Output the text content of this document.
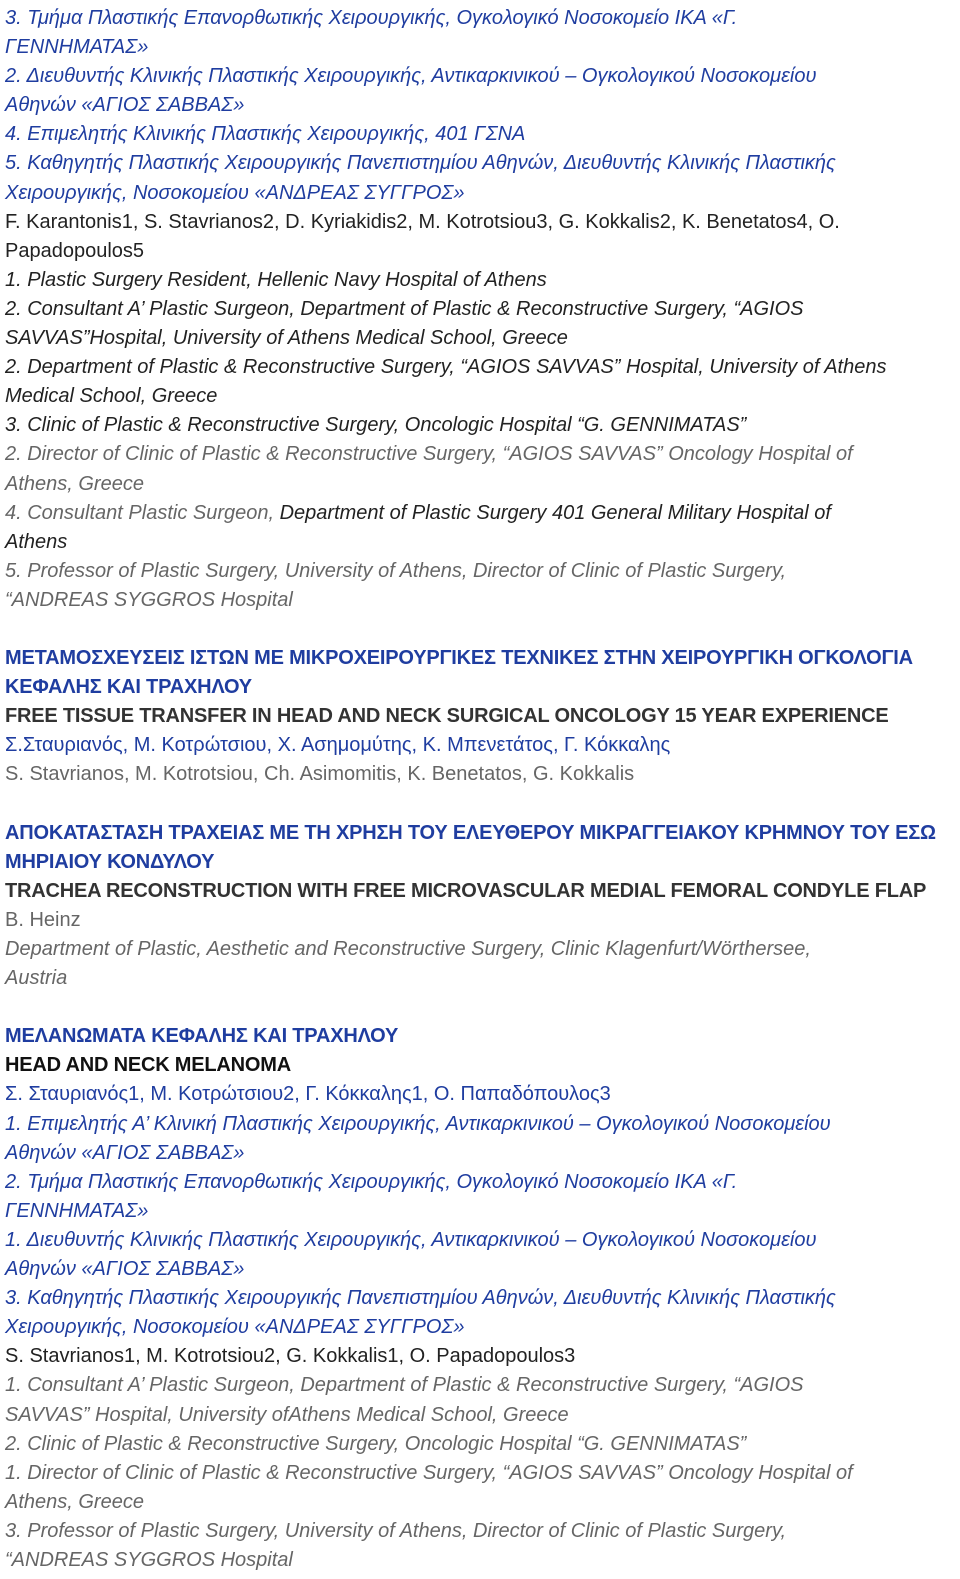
3. Τμήμα Πλαστικής Επανορθωτικής Χειρουργικής, Ογκολογικό Νοσοκομείο ΙΚΑ «Γ.
ΓΕΝΝΗΜΑΤΑΣ»
2. Διευθυντής Κλινικής Πλαστικής Χειρουργικής, Αντικαρκινικού – Ογκολογικού Νοσοκομείου
Αθηνών «ΑΓΙΟΣ ΣΑΒΒΑΣ»
4. Επιμελητής Κλινικής Πλαστικής Χειρουργικής, 401 ΓΣΝΑ
5. Καθηγητής Πλαστικής Χειρουργικής Πανεπιστημίου Αθηνών, Διευθυντής Κλινικής Πλαστικής
Χειρουργικής, Νοσοκομείου «ΑΝΔΡΕΑΣ ΣΥΓΓΡΟΣ»
F. Karantonis1, S. Stavrianos2, D. Kyriakidis2, M. Kotrotsiou3, G. Kokkalis2, K. Benetatos4, O.
Papadopoulos5
1. Plastic Surgery Resident, Hellenic Navy Hospital of Athens
2. Consultant A’ Plastic Surgeon, Department of Plastic & Reconstructive Surgery, “AGIOS
SAVVAS”Hospital, University of Athens Medical School, Greece
2. Department of Plastic & Reconstructive Surgery, “AGIOS SAVVAS” Hospital, University of Athens
Medical School, Greece
3. Clinic of Plastic & Reconstructive Surgery, Oncologic Hospital “G. GENNIMATAS”
2. Director of Clinic of Plastic & Reconstructive Surgery, “AGIOS SAVVAS” Oncology Hospital of
Athens, Greece
4. Consultant Plastic Surgeon, Department of Plastic Surgery 401 General Military Hospital of
Athens
5. Professor of Plastic Surgery, University of Athens, Director of Clinic of Plastic Surgery,
“ANDREAS SYGGROS Hospital
ΜΕΤΑΜΟΣΧΕΥΣΕΙΣ ΙΣΤΩΝ ΜΕ ΜΙΚΡΟΧΕΙΡΟΥΡΓΙΚΕΣ ΤΕΧΝΙΚΕΣ ΣΤΗΝ ΧΕΙΡΟΥΡΓΙΚΗ ΟΓΚΟΛΟΓΙΑ
ΚΕΦΑΛΗΣ ΚΑΙ ΤΡΑΧΗΛΟΥ
FREE TISSUE TRANSFER IN HEAD AND NECK SURGICAL ONCOLOGY 15 YEAR EXPERIENCE
Σ.Σταυριανός, Μ. Κοτρώτσιου, Χ. Ασημομύτης, Κ. Μπενετάτος, Γ. Κόκκαλης
S. Stavrianos, M. Kotrotsiou, Ch. Asimomitis, K. Benetatos, G. Kokkalis
ΑΠΟΚΑΤΑΣΤΑΣΗ ΤΡΑΧΕΙΑΣ ΜΕ ΤΗ ΧΡΗΣΗ ΤΟΥ ΕΛΕΥΘΕΡΟΥ ΜΙΚΡΑΓΓΕΙΑΚΟΥ ΚΡΗΜΝΟΥ ΤΟΥ ΕΣΩ
ΜΗΡΙΑΙΟΥ ΚΟΝΔΥΛΟΥ
TRACHEA RECONSTRUCTION WITH FREE MICROVASCULAR MEDIAL FEMORAL CONDYLE FLAP
B. Heinz
Department of Plastic, Aesthetic and Reconstructive Surgery, Clinic Klagenfurt/Wörthersee,
Austria
ΜΕΛΑΝΩΜΑΤΑ ΚΕΦΑΛΗΣ ΚΑΙ ΤΡΑΧΗΛΟΥ
HEAD AND NECK MELANOMA
Σ. Σταυριανός1, Μ. Κοτρώτσιου2, Γ. Κόκκαλης1, Ο. Παπαδόπουλος3
1. Επιμελητής Α’ Κλινική Πλαστικής Χειρουργικής, Αντικαρκινικού – Ογκολογικού Νοσοκομείου
Αθηνών «ΑΓΙΟΣ ΣΑΒΒΑΣ»
2. Τμήμα Πλαστικής Επανορθωτικής Χειρουργικής, Ογκολογικό Νοσοκομείο ΙΚΑ «Γ.
ΓΕΝΝΗΜΑΤΑΣ»
1. Διευθυντής Κλινικής Πλαστικής Χειρουργικής, Αντικαρκινικού – Ογκολογικού Νοσοκομείου
Αθηνών «ΑΓΙΟΣ ΣΑΒΒΑΣ»
3. Καθηγητής Πλαστικής Χειρουργικής Πανεπιστημίου Αθηνών, Διευθυντής Κλινικής Πλαστικής
Χειρουργικής, Νοσοκομείου «ΑΝΔΡΕΑΣ ΣΥΓΓΡΟΣ»
S. Stavrianos1, M. Kotrotsiou2, G. Kokkalis1, O. Papadopoulos3
1. Consultant A’ Plastic Surgeon, Department of Plastic & Reconstructive Surgery, “AGIOS
SAVVAS” Hospital, University ofAthens Medical School, Greece
2. Clinic of Plastic & Reconstructive Surgery, Oncologic Hospital “G. GENNIMATAS”
1. Director of Clinic of Plastic & Reconstructive Surgery, “AGIOS SAVVAS” Oncology Hospital of
Athens, Greece
3. Professor of Plastic Surgery, University of Athens, Director of Clinic of Plastic Surgery,
“ANDREAS SYGGROS Hospital
